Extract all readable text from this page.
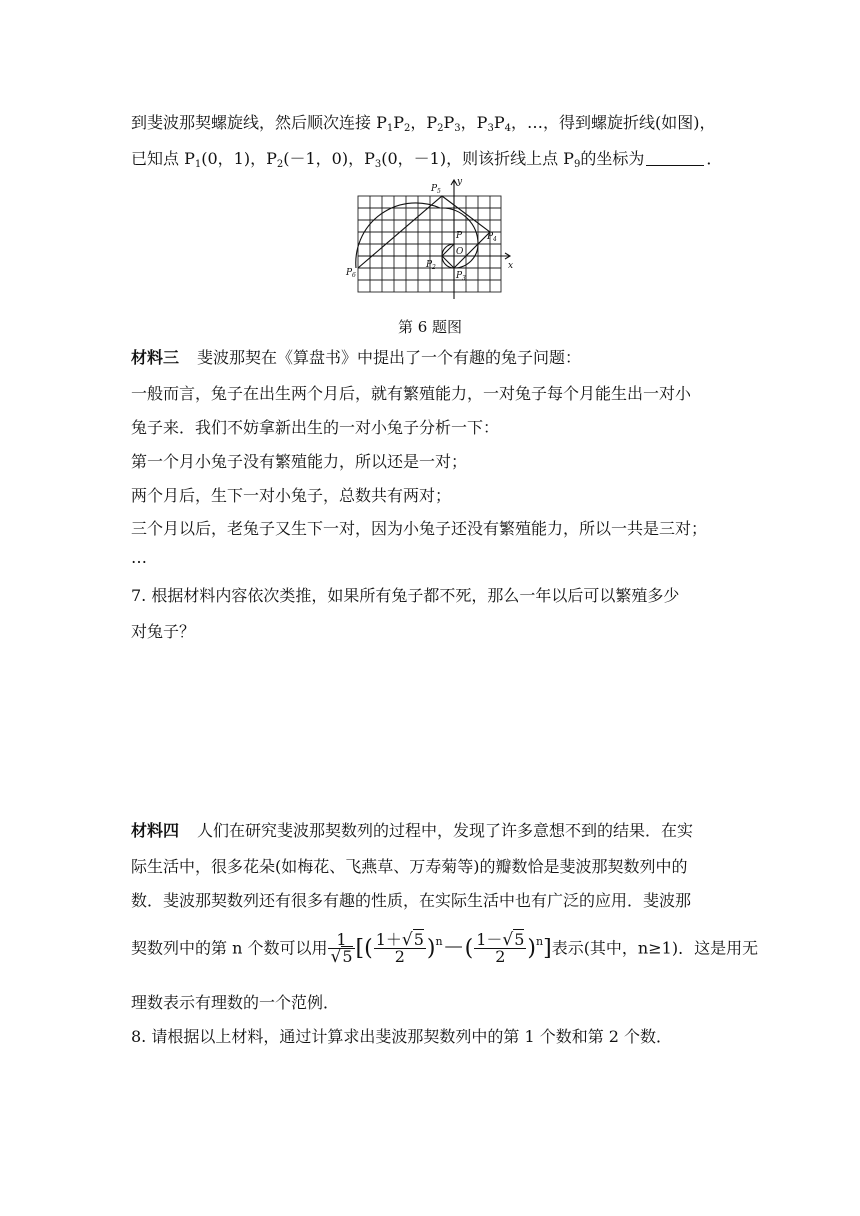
到斐波那契螺旋线，然后顺次连接 $P_1P_2$，$P_2P_3$，$P_3P_4$，…，得到螺旋折线(如图)，
已知点 $P_1(0$，1)，$P_2(-1$，0)，$P_3(0$，－1)，则该折线上点 $P_9$的坐标为	．
P 5
P 4
P
O
P 2
P 3
P 6
x
y
第 6 题图
材料三 斐波那契在《算盘书》中提出了一个有趣的兔子问题：
一般而言，兔子在出生两个月后，就有繁殖能力，一对兔子每个月能生出一对小
兔子来．我们不妨拿新出生的一对小兔子分析一下：
第一个月小兔子没有繁殖能力，所以还是一对；
两个月后，生下一对小兔子，总数共有两对；
三个月以后，老兔子又生下一对，因为小兔子还没有繁殖能力，所以一共是三对；
…
7. 根据材料内容依次类推，如果所有兔子都不死，那么一年以后可以繁殖多少
对兔子？
材料四 人们在研究斐波那契数列的过程中，发现了许多意想不到的结果．在实
际生活中，很多花朵(如梅花、飞燕草、万寿菊等)的瓣数恰是斐波那契数列中的
数．斐波那契数列还有很多有趣的性质，在实际生活中也有广泛的应用．斐波那
契数列中的第 n 个数可以用 $\frac{1}{√5}$ [( $\frac{1+√5}{2} )^n-( \frac{1-√5}{2} )^n$]表示(其中，n≥1)．这是用无
理数表示有理数的一个范例．
8. 请根据以上材料，通过计算求出斐波那契数列中的第 1 个数和第 2 个数．
